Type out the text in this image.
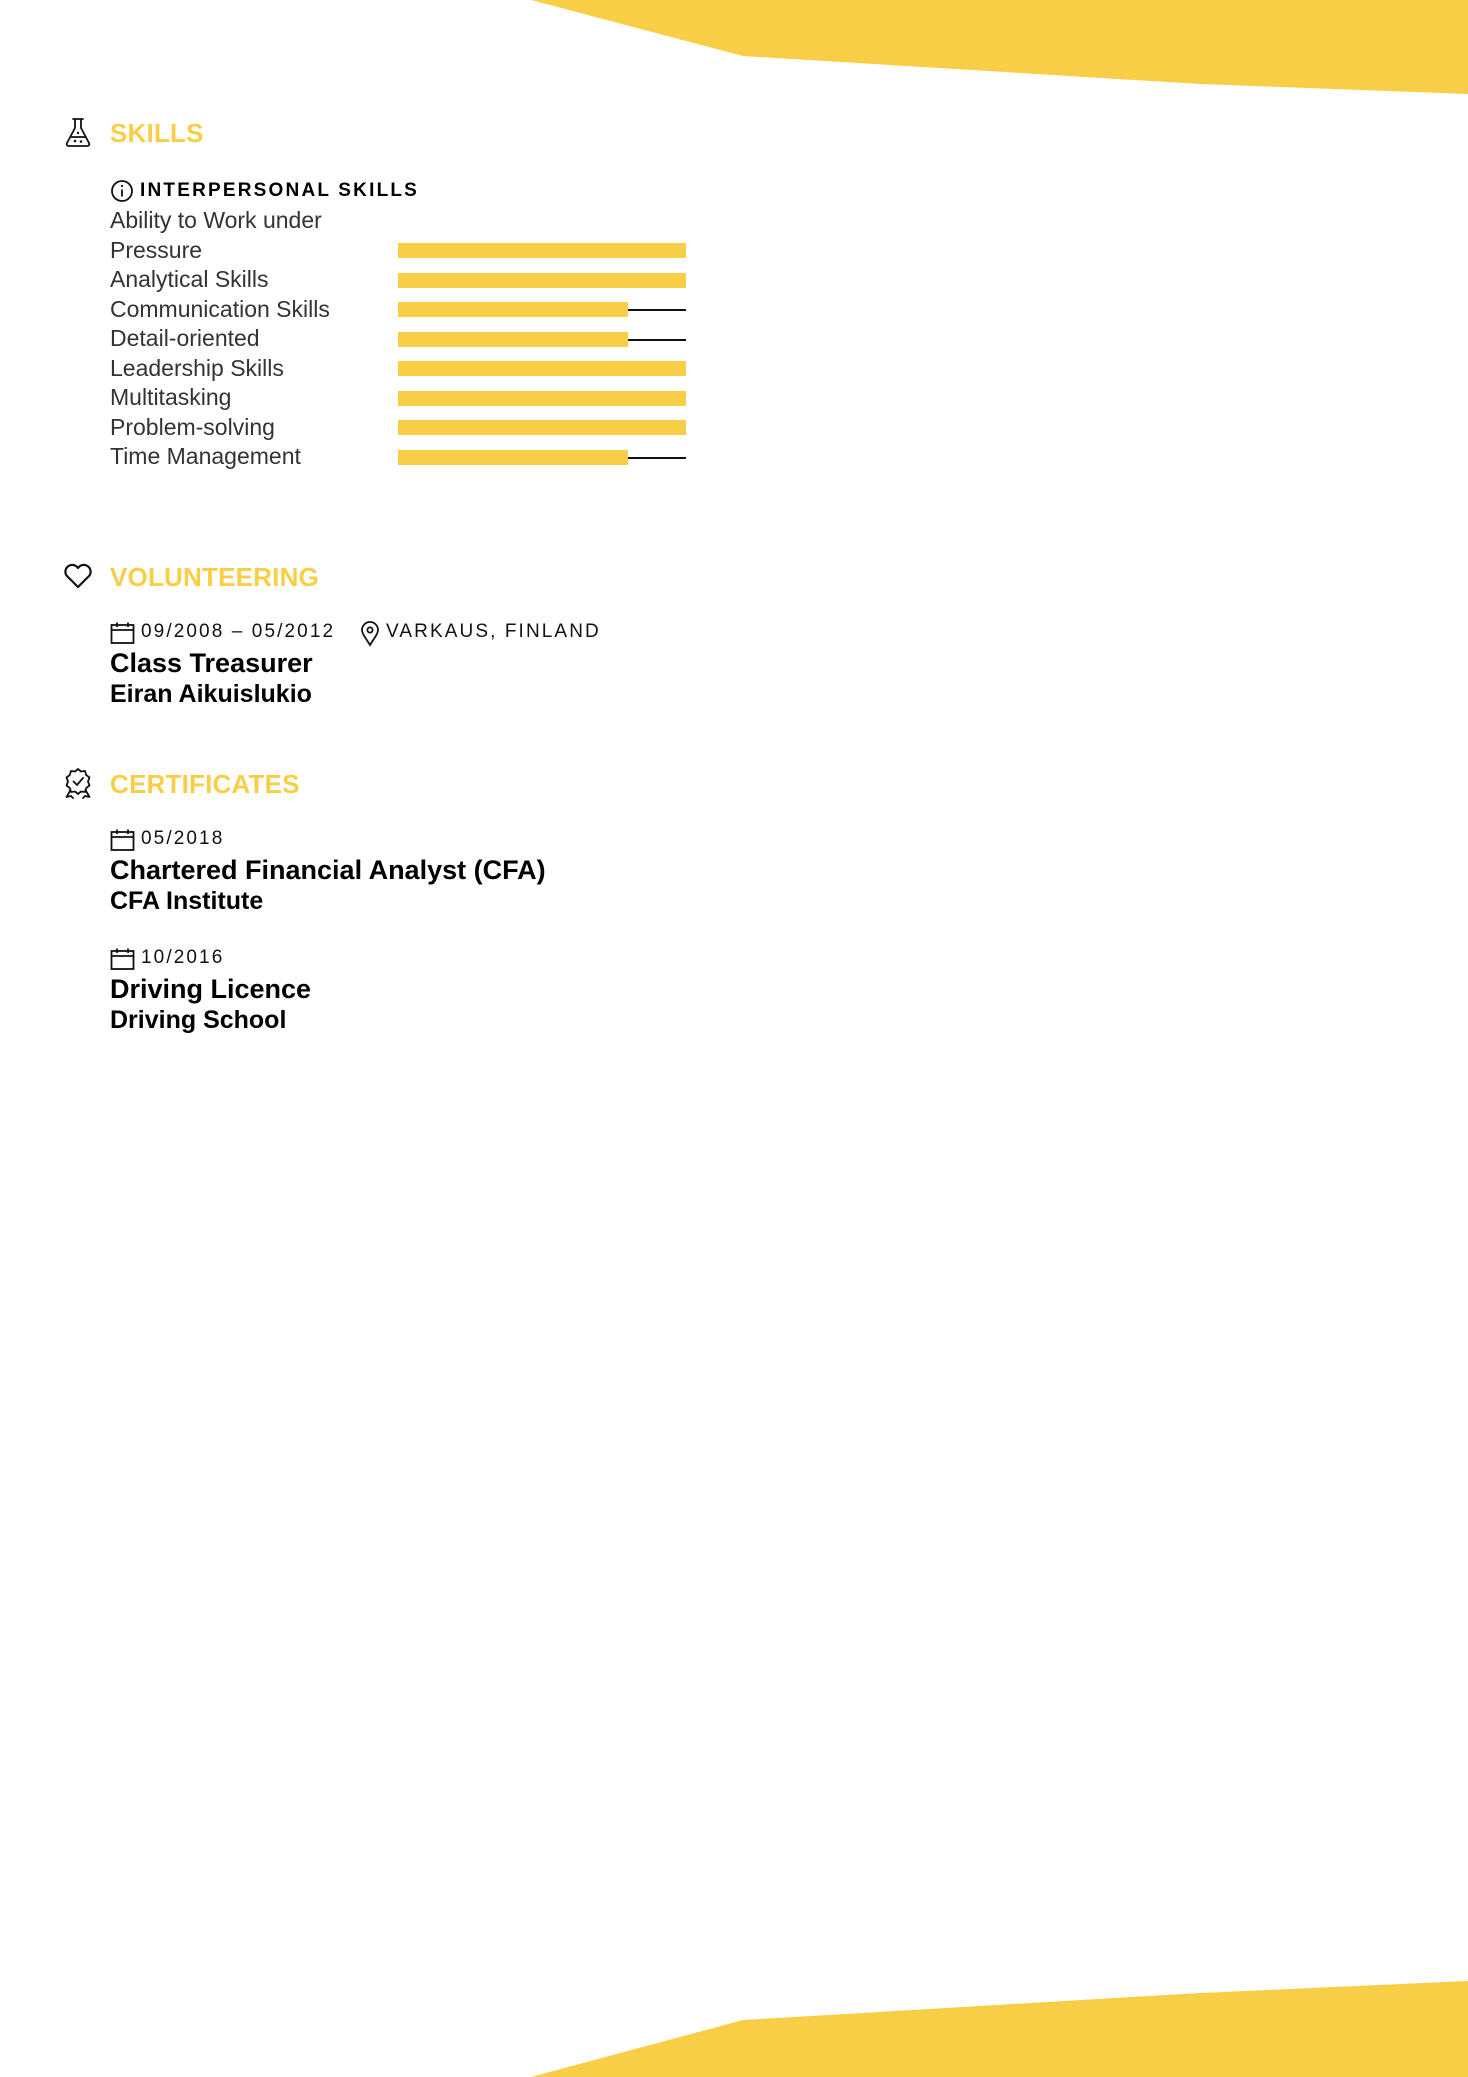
SKILLS
INTERPERSONAL SKILLS
Ability to Work under Pressure
Analytical Skills
Communication Skills
Detail-oriented
Leadership Skills
Multitasking
Problem-solving
Time Management
VOLUNTEERING
09/2008 – 05/2012	VARKAUS, FINLAND
Class Treasurer
Eiran Aikuislukio
CERTIFICATES
05/2018
Chartered Financial Analyst (CFA)
CFA Institute
10/2016
Driving Licence
Driving School
